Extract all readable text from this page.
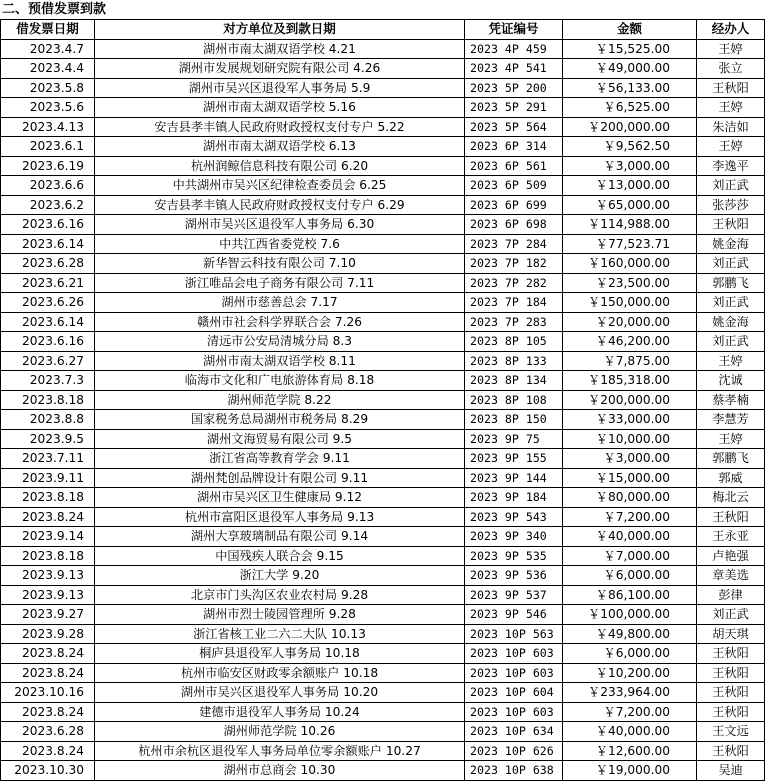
二、预借发票到款
借发票日期	对方单位及到款日期	凭证编号	金额	经办人
2023.4.7	湖州市南太湖双语学校 4.21	2023 4P 459	￥15,525.00	王婷
2023.4.4	湖州市发展规划研究院有限公司 4.26	2023 4P 541	￥49,000.00	张立
2023.5.8	湖州市吴兴区退役军人事务局 5.9	2023 5P 200	￥56,133.00	王秋阳
2023.5.6	湖州市南太湖双语学校 5.16	2023 5P 291	￥6,525.00	王婷
2023.4.13	安吉县孝丰镇人民政府财政授权支付专户 5.22	2023 5P 564	￥200,000.00	朱洁如
2023.6.1	湖州市南太湖双语学校 6.13	2023 6P 314	￥9,562.50	王婷
2023.6.19	杭州润鲸信息科技有限公司 6.20	2023 6P 561	￥3,000.00	李逸平
2023.6.6	中共湖州市吴兴区纪律检查委员会 6.25	2023 6P 509	￥13,000.00	刘正武
2023.6.2	安吉县孝丰镇人民政府财政授权支付专户 6.29	2023 6P 699	￥65,000.00	张莎莎
2023.6.16	湖州市吴兴区退役军人事务局 6.30	2023 6P 698	￥114,988.00	王秋阳
2023.6.14	中共江西省委党校 7.6	2023 7P 284	￥77,523.71	姚金海
2023.6.28	新华智云科技有限公司 7.10	2023 7P 182	￥160,000.00	刘正武
2023.6.21	浙江唯品会电子商务有限公司 7.11	2023 7P 282	￥23,500.00	郭鹏飞
2023.6.26	湖州市慈善总会 7.17	2023 7P 184	￥150,000.00	刘正武
2023.6.14	赣州市社会科学界联合会 7.26	2023 7P 283	￥20,000.00	姚金海
2023.6.16	清远市公安局清城分局 8.3	2023 8P 105	￥46,200.00	刘正武
2023.6.27	湖州市南太湖双语学校 8.11	2023 8P 133	￥7,875.00	王婷
2023.7.3	临海市文化和广电旅游体育局 8.18	2023 8P 134	￥185,318.00	沈诚
2023.8.18	湖州师范学院 8.22	2023 8P 108	￥200,000.00	蔡孝楠
2023.8.8	国家税务总局湖州市税务局 8.29	2023 8P 150	￥33,000.00	李慧芳
2023.9.5	湖州文海贸易有限公司 9.5	2023 9P 75	￥10,000.00	王婷
2023.7.11	浙江省高等教育学会 9.11	2023 9P 155	￥3,000.00	郭鹏飞
2023.9.11	湖州梵创品牌设计有限公司 9.11	2023 9P 144	￥15,000.00	郭威
2023.8.18	湖州市吴兴区卫生健康局 9.12	2023 9P 184	￥80,000.00	梅北云
2023.8.24	杭州市富阳区退役军人事务局 9.13	2023 9P 543	￥7,200.00	王秋阳
2023.9.14	湖州大享玻璃制品有限公司 9.14	2023 9P 340	￥40,000.00	王永亚
2023.8.18	中国残疾人联合会 9.15	2023 9P 535	￥7,000.00	卢艳强
2023.9.13	浙江大学 9.20	2023 9P 536	￥6,000.00	章美选
2023.9.13	北京市门头沟区农业农村局 9.28	2023 9P 537	￥86,100.00	彭律
2023.9.27	湖州市烈士陵园管理所 9.28	2023 9P 546	￥100,000.00	刘正武
2023.9.28	浙江省核工业二六二大队 10.13	2023 10P 563	￥49,800.00	胡天琪
2023.8.24	桐庐县退役军人事务局 10.18	2023 10P 603	￥6,000.00	王秋阳
2023.8.24	杭州市临安区财政零余额账户 10.18	2023 10P 603	￥10,200.00	王秋阳
2023.10.16	湖州市吴兴区退役军人事务局 10.20	2023 10P 604	￥233,964.00	王秋阳
2023.8.24	建德市退役军人事务局 10.24	2023 10P 603	￥7,200.00	王秋阳
2023.6.28	湖州师范学院 10.26	2023 10P 634	￥40,000.00	王文远
2023.8.24	杭州市余杭区退役军人事务局单位零余额账户 10.27	2023 10P 626	￥12,600.00	王秋阳
2023.10.30	湖州市总商会 10.30	2023 10P 638	￥19,000.00	吴迪
